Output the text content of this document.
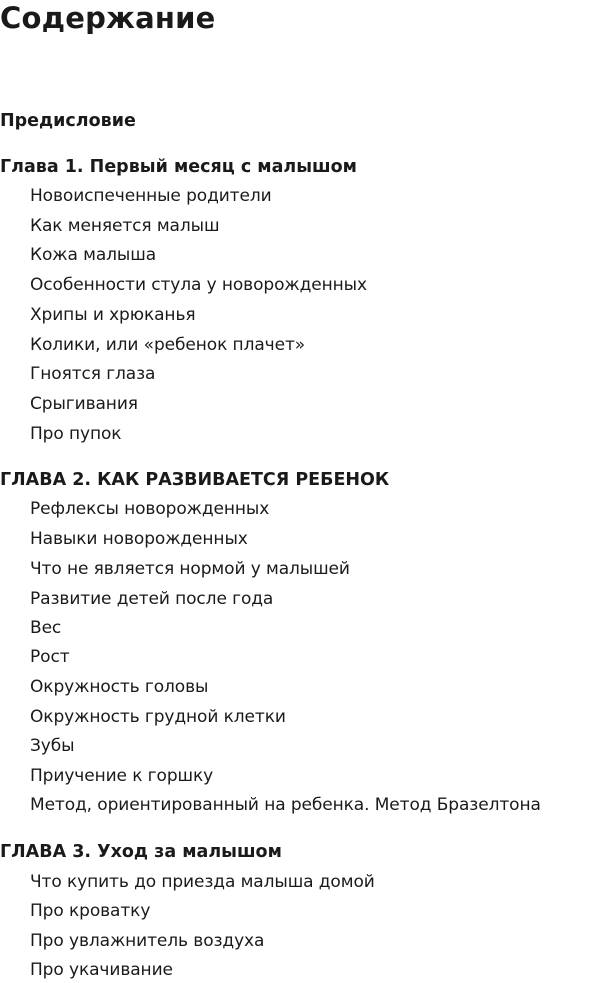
Содержание
Предисловие
Глава 1. Первый месяц с малышом
Новоиспеченные родители
Как меняется малыш
Кожа малыша
Особенности стула у новорожденных
Хрипы и хрюканья
Колики, или «ребенок плачет»
Гноятся глаза
Срыгивания
Про пупок
ГЛАВА 2. КАК РАЗВИВАЕТСЯ РЕБЕНОК
Рефлексы новорожденных
Навыки новорожденных
Что не является нормой у малышей
Развитие детей после года
Вес
Рост
Окружность головы
Окружность грудной клетки
Зубы
Приучение к горшку
Метод, ориентированный на ребенка. Метод Бразелтона
ГЛАВА 3. Уход за малышом
Что купить до приезда малыша домой
Про кроватку
Про увлажнитель воздуха
Про укачивание
